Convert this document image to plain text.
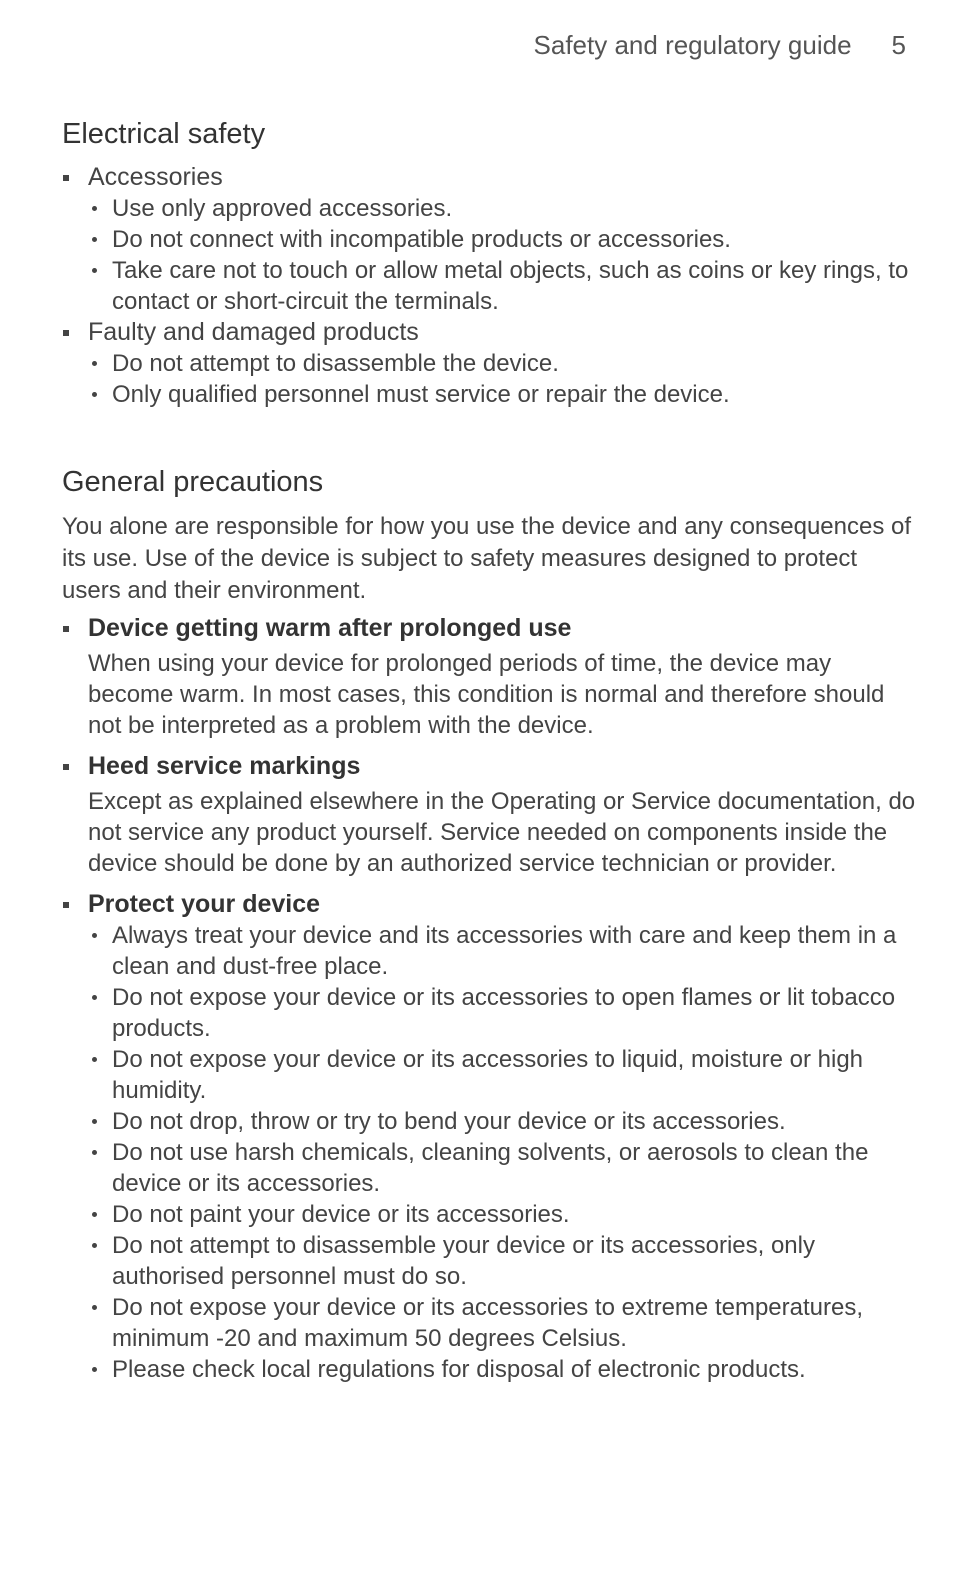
Safety and regulatory guide 5
Electrical safety
Accessories
Use only approved accessories.
Do not connect with incompatible products or accessories.
Take care not to touch or allow metal objects, such as coins or key rings, to contact or short-circuit the terminals.
Faulty and damaged products
Do not attempt to disassemble the device.
Only qualified personnel must service or repair the device.
General precautions

You alone are responsible for how you use the device and any consequences of its use. Use of the device is subject to safety measures designed to protect users and their environment.

Device getting warm after prolonged use
When using your device for prolonged periods of time, the device may become warm. In most cases, this condition is normal and therefore should not be interpreted as a problem with the device.
Heed service markings
Except as explained elsewhere in the Operating or Service documentation, do not service any product yourself. Service needed on components inside the device should be done by an authorized service technician or provider.
Protect your device
Always treat your device and its accessories with care and keep them in a clean and dust-free place.
Do not expose your device or its accessories to open flames or lit tobacco products.
Do not expose your device or its accessories to liquid, moisture or high humidity.
Do not drop, throw or try to bend your device or its accessories.
Do not use harsh chemicals, cleaning solvents, or aerosols to clean the device or its accessories.
Do not paint your device or its accessories.
Do not attempt to disassemble your device or its accessories, only authorised personnel must do so.
Do not expose your device or its accessories to extreme temperatures, minimum -20 and maximum 50 degrees Celsius.
Please check local regulations for disposal of electronic products.
